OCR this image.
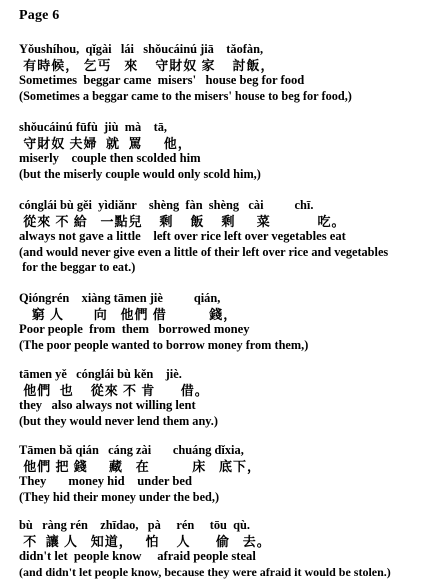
Page 6
Yǒushíhou,  qǐgài   lái   shǒucáinú jiā    tǎofàn,
有時候， 乞丐   來    守財奴 家    討飯，
Sometimes  beggar came  misers'   house beg for food
(Sometimes a beggar came to the misers' house to beg for food,)
shǒucáinú fūfù  jiù  mà    tā,
守財奴 夫婦  就  罵     他，
miserly    couple then scolded him
(but the miserly couple would only scold him,)
cónglái bù gěi  yìdiǎnr    shèng  fàn  shèng   cài          chī.
從來 不 給   一點兒    剩    飯    剩     菜           吃。
always not gave a little    left over rice left over vegetables eat
(and would never give even a little of their left over rice and vegetables
for the beggar to eat.)
Qióngrén    xiàng tāmen jiè          qián,
窮 人       向   他們 借          錢，
Poor people  from  them   borrowed money
(The poor people wanted to borrow money from them,)
tāmen yě   cónglái bù kěn    jiè.
他們  也    從來 不 肯      借。
they   also always not willing lent
(but they would never lend them any.)
Tāmen bǎ qián   cáng zài       chuáng dǐxia,
他們 把 錢     藏   在          床   底下，
They       money hid    under bed
(They hid their money under the bed,)
bù   ràng rén    zhīdao,   pà     rén     tōu  qù.
不  讓 人   知道，   怕    人      偷   去。
didn't let  people know     afraid people steal
(and didn't let people know, because they were afraid it would be stolen.)
